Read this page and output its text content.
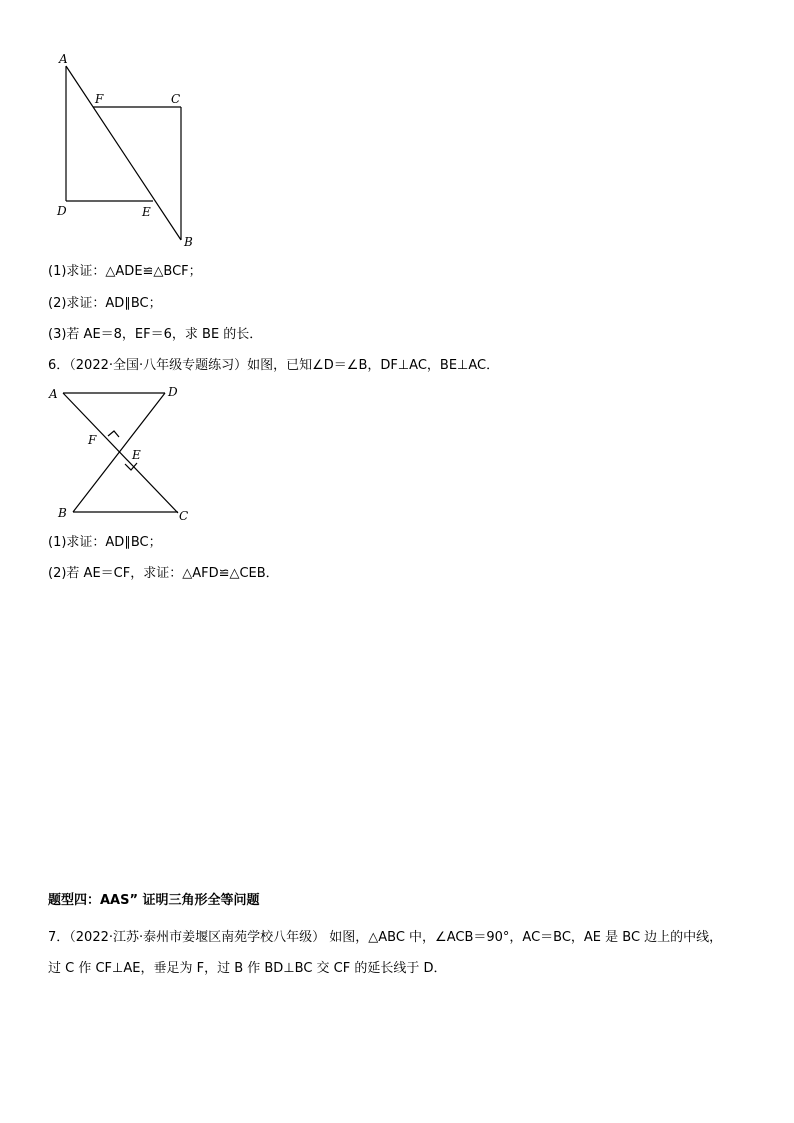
A
F	C
D	E
B
A	D
F
E
B	C
(1)求证：△ADE≌△BCF；
(2)求证：AD∥BC；
(3)若 AE＝8，EF＝6，求 BE 的长．
6．（2022·全国·八年级专题练习）如图，已知∠D＝∠B，DF⊥AC，BE⊥AC．
(1)求证：AD∥BC；
(2)若 AE＝CF，求证：△AFD≌△CEB．
题型四：AAS” 证明三角形全等问题
7．（2022·江苏·泰州市姜堰区南苑学校八年级） 如图，△ABC 中，∠ACB＝90°，AC＝BC，AE 是 BC 边上的中线，
过 C 作 CF⊥AE，垂足为 F，过 B 作 BD⊥BC 交 CF 的延长线于 D．
